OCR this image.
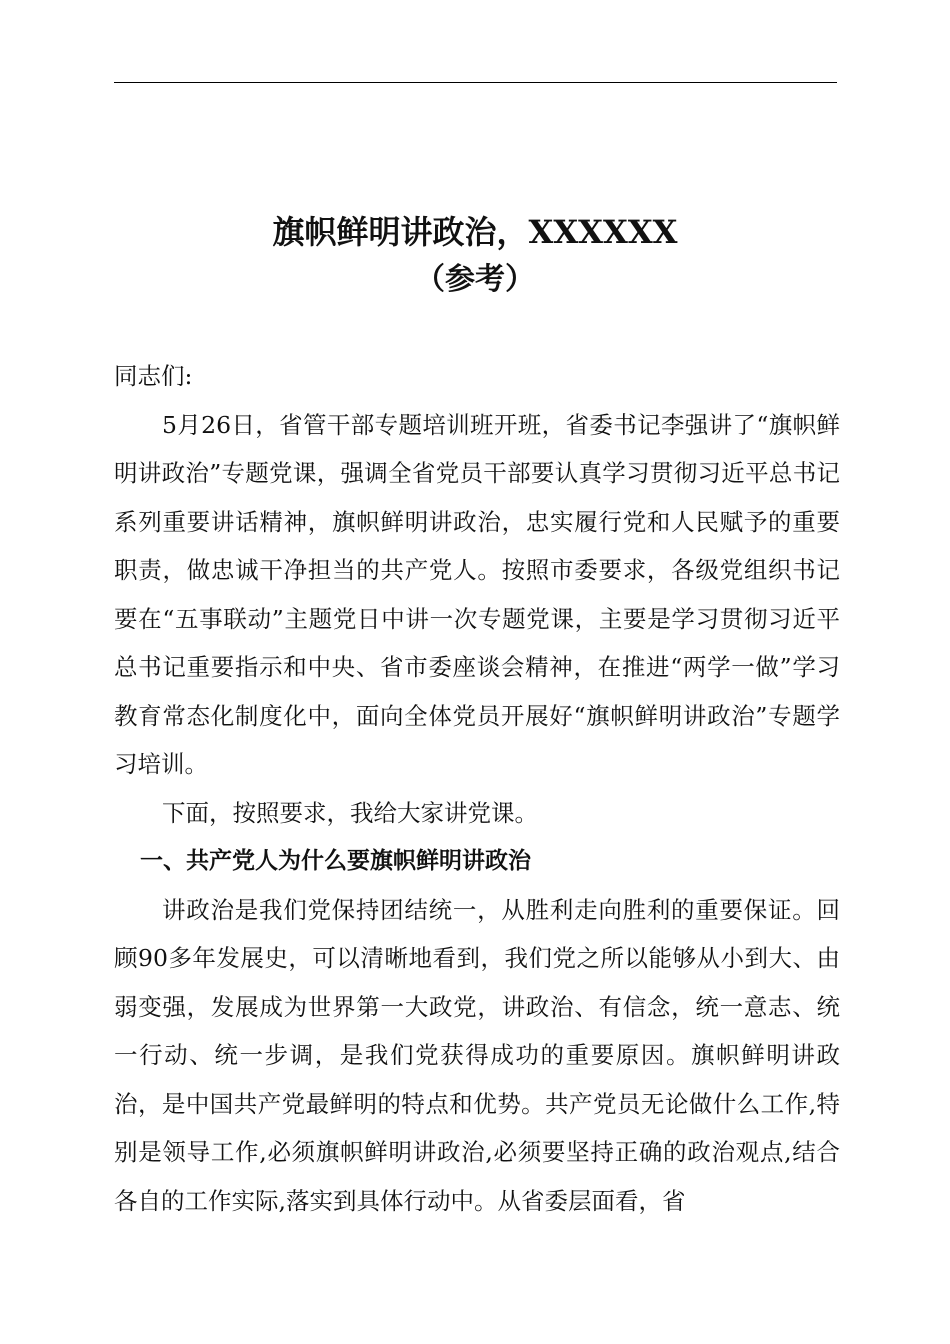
旗帜鲜明讲政治，XXXXXX
（参考）

同志们:

5月26日，省管干部专题培训班开班，省委书记李强讲了“旗帜鲜明讲政治”专题党课，强调全省党员干部要认真学习贯彻习近平总书记系列重要讲话精神，旗帜鲜明讲政治，忠实履行党和人民赋予的重要职责，做忠诚干净担当的共产党人。按照市委要求，各级党组织书记要在“五事联动”主题党日中讲一次专题党课，主要是学习贯彻习近平总书记重要指示和中央、省市委座谈会精神，在推进“两学一做”学习教育常态化制度化中，面向全体党员开展好“旗帜鲜明讲政治”专题学习培训。

下面，按照要求，我给大家讲党课。

一、共产党人为什么要旗帜鲜明讲政治

讲政治是我们党保持团结统一，从胜利走向胜利的重要保证。回顾90多年发展史，可以清晰地看到，我们党之所以能够从小到大、由弱变强，发展成为世界第一大政党，讲政治、有信念，统一意志、统一行动、统一步调，是我们党获得成功的重要原因。旗帜鲜明讲政治，是中国共产党最鲜明的特点和优势。共产党员无论做什么工作,特别是领导工作,必须旗帜鲜明讲政治,必须要坚持正确的政治观点,结合各自的工作实际,落实到具体行动中。从省委层面看，省
